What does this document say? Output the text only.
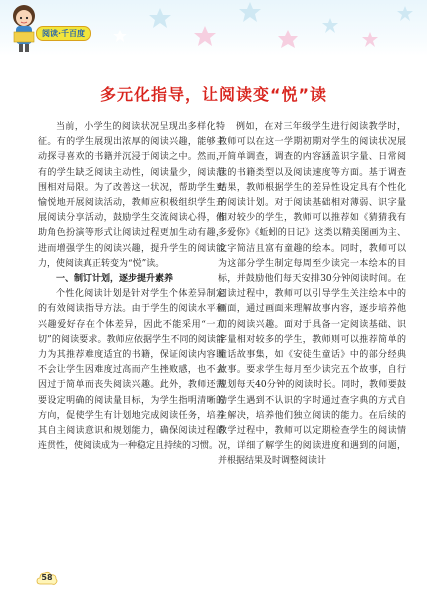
阅读·千百度
多元化指导，让阅读变“悦”读

当前，小学生的阅读状况呈现出多样化特征。有的学生展现出浓厚的阅读兴趣，能够主动探寻喜欢的书籍并沉浸于阅读之中。然而，有的学生缺乏阅读主动性，阅读量少，阅读范围相对局限。为了改善这一状况，帮助学生更愉悦地开展阅读活动，教师应积极组织学生开展阅读分享活动，鼓励学生交流阅读心得，借助角色扮演等形式让阅读过程更加生动有趣，进而增强学生的阅读兴趣，提升学生的阅读能力，使阅读真正转变为“悦”读。

一、制订计划，逐步提升素养

个性化阅读计划是针对学生个体差异制定的有效阅读指导方法。由于学生的阅读水平和兴趣爱好存在个体差异，因此不能采用“一刀切”的阅读要求。教师应依据学生不同的阅读能力为其推荐难度适宜的书籍，保证阅读内容既不会让学生因难度过高而产生挫败感，也不会因过于简单而丧失阅读兴趣。此外，教师还需要设定明确的阅读量目标，为学生指明清晰的方向，促使学生有计划地完成阅读任务，培养其自主阅读意识和规划能力，确保阅读过程的连贯性，使阅读成为一种稳定且持续的习惯。

例如，在对三年级学生进行阅读教学时，教师可以在这一学期初期对学生的阅读状况展开简单调查，调查的内容涵盖识字量、日常阅读的书籍类型以及阅读速度等方面。基于调查结果，教师根据学生的差异性设定具有个性化的阅读计划。对于阅读基础相对薄弱、识字量相对较少的学生，教师可以推荐如《猜猜我有多爱你》《蚯蚓的日记》这类以精美图画为主、文字简洁且富有童趣的绘本。同时，教师可以为这部分学生制定每周至少读完一本绘本的目标，并鼓励他们每天安排30分钟阅读时间。在阅读过程中，教师可以引导学生关注绘本中的画面，通过画面来理解故事内容，逐步培养他们的阅读兴趣。面对于具备一定阅读基础、识字量相对较多的学生，教师则可以推荐简单的童话故事集，如《安徒生童话》中的部分经典故事。要求学生每月至少读完五个故事，自行规划每天40分钟的阅读时长。同时，教师要鼓励学生遇到不认识的字时通过查字典的方式自主解决，培养他们独立阅读的能力。在后续的教学过程中，教师可以定期检查学生的阅读情况，详细了解学生的阅读进度和遇到的问题，并根据结果及时调整阅读计

58
